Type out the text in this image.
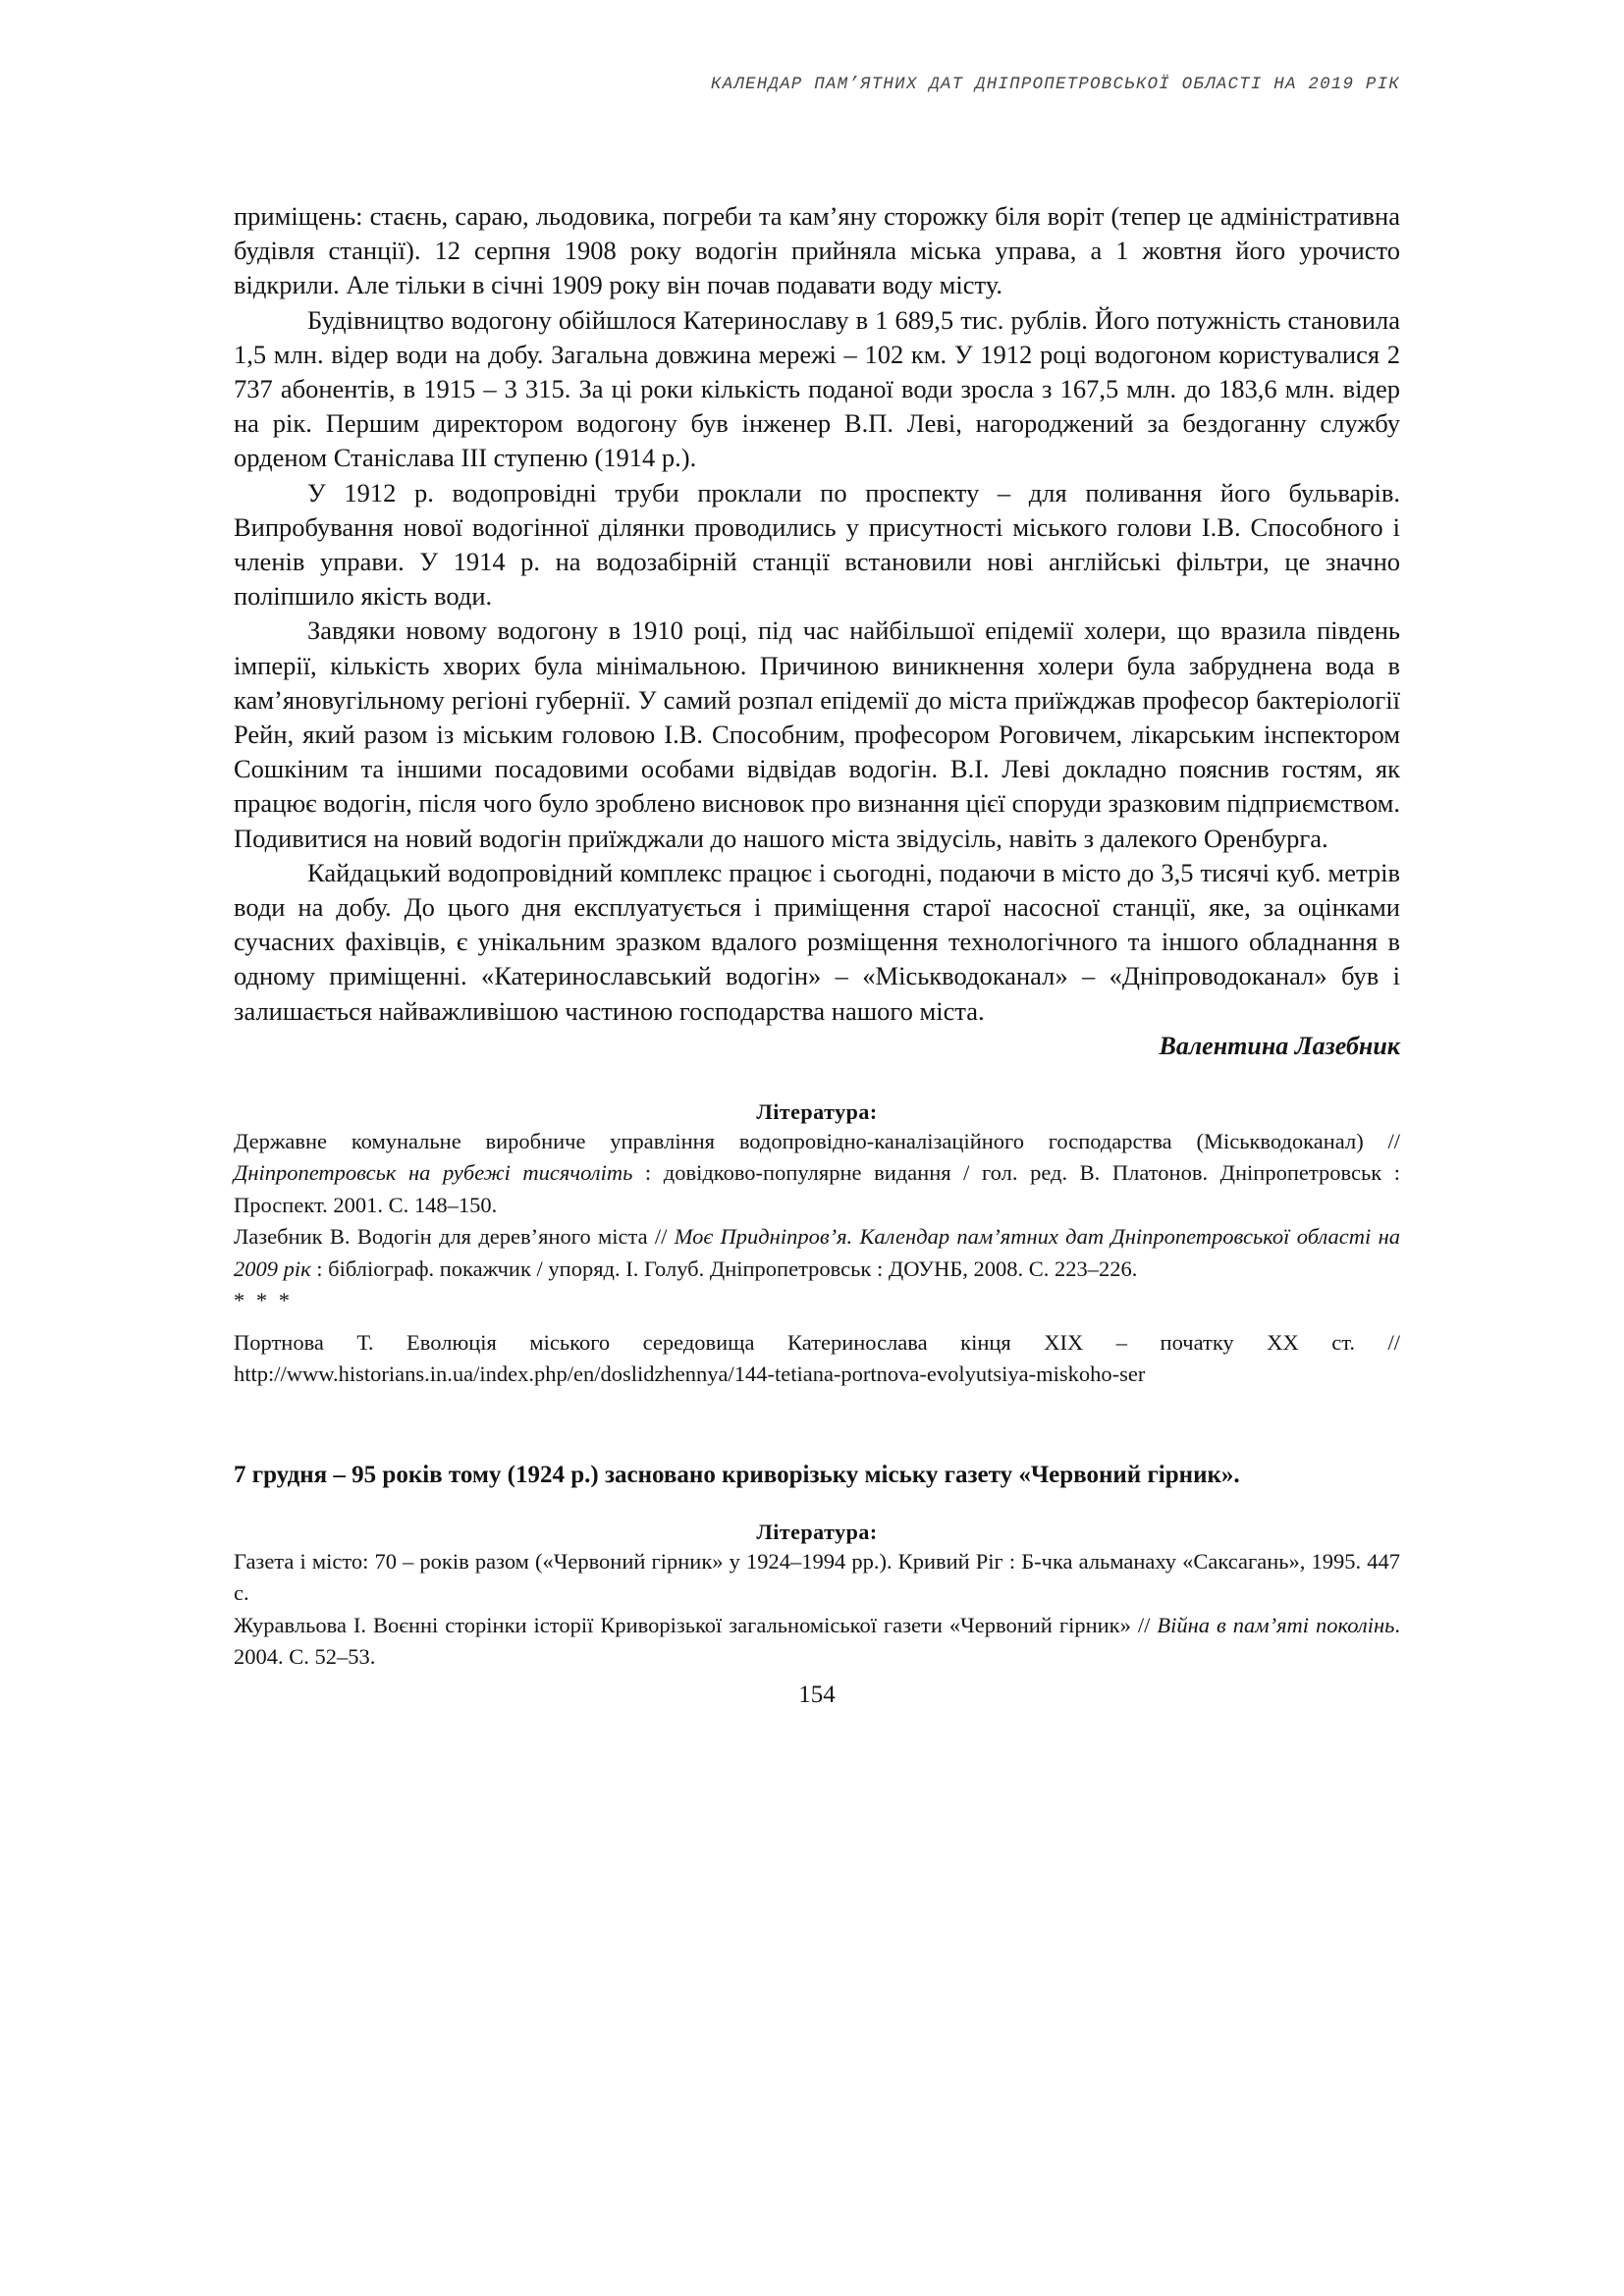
КАЛЕНДАР ПАМ’ЯТНИХ ДАТ ДНІПРОПЕТРОВСЬКОЇ ОБЛАСТІ НА 2019 РІК

приміщень: стаєнь, сараю, льодовика, погреби та кам’яну сторожку біля воріт (тепер це адміністративна будівля станції). 12 серпня 1908 року водогін прийняла міська управа, а 1 жовтня його урочисто відкрили. Але тільки в січні 1909 року він почав подавати воду місту.

Будівництво водогону обійшлося Катеринославу в 1 689,5 тис. рублів. Його потужність становила 1,5 млн. відер води на добу. Загальна довжина мережі – 102 км. У 1912 році водогоном користувалися 2 737 абонентів, в 1915 – 3 315. За ці роки кількість поданої води зросла з 167,5 млн. до 183,6 млн. відер на рік. Першим директором водогону був інженер В.П. Леві, нагороджений за бездоганну службу орденом Станіслава ІІІ ступеню (1914 р.).

У 1912 р. водопровідні труби проклали по проспекту – для поливання його бульварів. Випробування нової водогінної ділянки проводились у присутності міського голови І.В. Способного і членів управи. У 1914 р. на водозабірній станції встановили нові англійські фільтри, це значно поліпшило якість води.

Завдяки новому водогону в 1910 році, під час найбільшої епідемії холери, що вразила південь імперії, кількість хворих була мінімальною. Причиною виникнення холери була забруднена вода в кам’яновугільному регіоні губернії. У самий розпал епідемії до міста приїжджав професор бактеріології Рейн, який разом із міським головою І.В. Способним, професором Роговичем, лікарським інспектором Сошкіним та іншими посадовими особами відвідав водогін. В.І. Леві докладно пояснив гостям, як працює водогін, після чого було зроблено висновок про визнання цієї споруди зразковим підприємством. Подивитися на новий водогін приїжджали до нашого міста звідусіль, навіть з далекого Оренбурга.

Кайдацький водопровідний комплекс працює і сьогодні, подаючи в місто до 3,5 тисячі куб. метрів води на добу. До цього дня експлуатується і приміщення старої насосної станції, яке, за оцінками сучасних фахівців, є унікальним зразком вдалого розміщення технологічного та іншого обладнання в одному приміщенні. «Катеринославський водогін» – «Міськводоканал» – «Дніпроводоканал» був і залишається найважливішою частиною господарства нашого міста.

Валентина Лазебник

Література:

Державне комунальне виробниче управління водопровідно-каналізаційного господарства (Міськводоканал) // Дніпропетровськ на рубежі тисячоліть : довідково-популярне видання / гол. ред. В. Платонов. Дніпропетровськ : Проспект. 2001. С. 148–150.

Лазебник В. Водогін для дерев’яного міста // Моє Придніпров’я. Календар пам’ятних дат Дніпропетровської області на 2009 рік : бібліограф. покажчик / упоряд. І. Голуб. Дніпропетровськ : ДОУНБ, 2008. С. 223–226.

* * *

Портнова Т. Еволюція міського середовища Катеринослава кінця XIX – початку XX ст. // http://www.historians.in.ua/index.php/en/doslidzhennya/144-tetiana-portnova-evolyutsiya-miskoho-ser

7 грудня – 95 років тому (1924 р.) засновано криворізьку міську газету «Червоний гірник».

Література:

Газета і місто: 70 – років разом («Червоний гірник» у 1924–1994 рр.). Кривий Ріг : Б-чка альманаху «Саксагань», 1995. 447 с.

Журавльова І. Воєнні сторінки історії Криворізької загальноміської газети «Червоний гірник» // Війна в пам’яті поколінь. 2004. С. 52–53.

154
